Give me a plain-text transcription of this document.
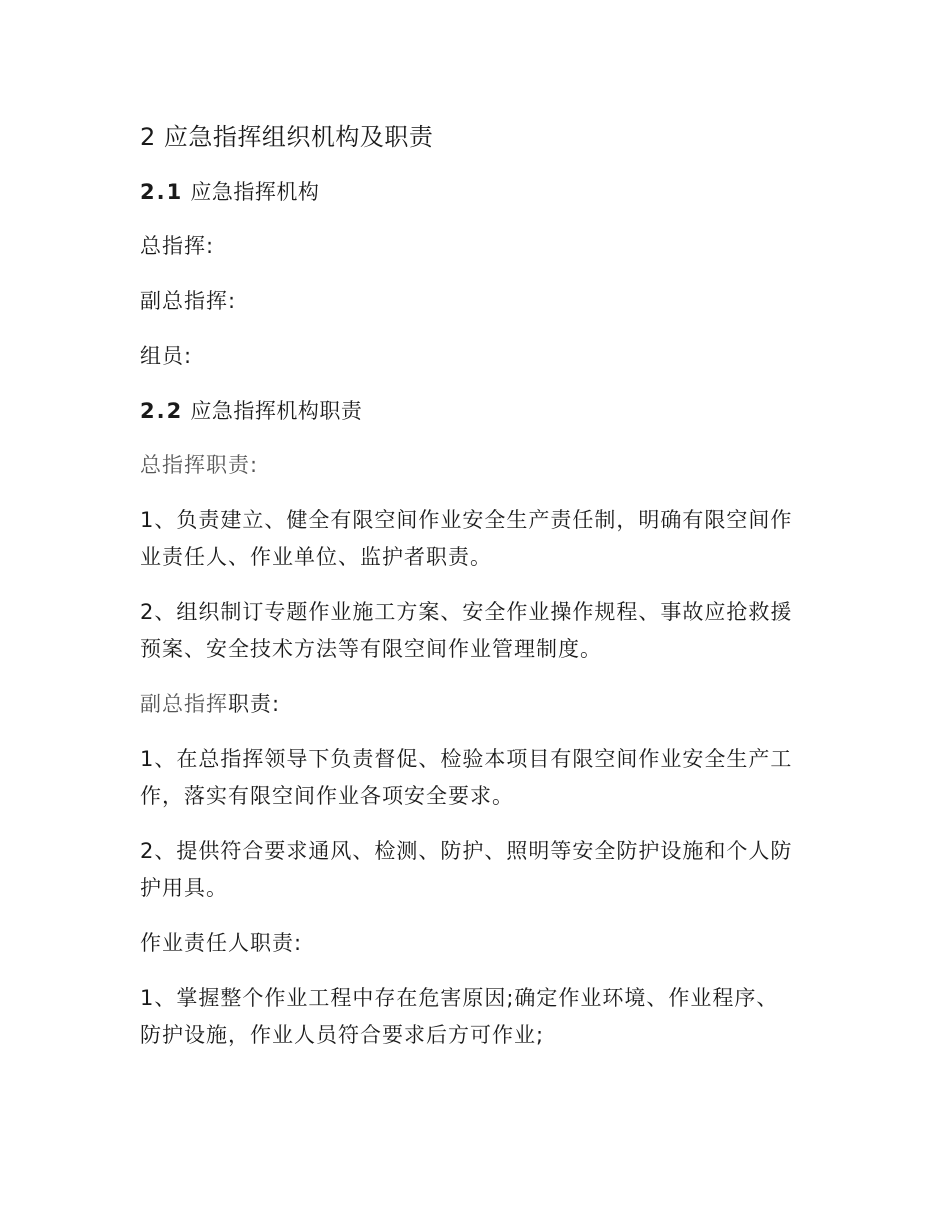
2 应急指挥组织机构及职责
2.1 应急指挥机构
总指挥:
副总指挥:
组员:
2.2 应急指挥机构职责
总指挥职责:
1、负责建立、健全有限空间作业安全生产责任制，明确有限空间作业责任人、作业单位、监护者职责。
2、组织制订专题作业施工方案、安全作业操作规程、事故应抢救援预案、安全技术方法等有限空间作业管理制度。
副总指挥职责:
1、在总指挥领导下负责督促、检验本项目有限空间作业安全生产工作，落实有限空间作业各项安全要求。
2、提供符合要求通风、检测、防护、照明等安全防护设施和个人防护用具。
作业责任人职责:
1、掌握整个作业工程中存在危害原因;确定作业环境、作业程序、防护设施，作业人员符合要求后方可作业;
